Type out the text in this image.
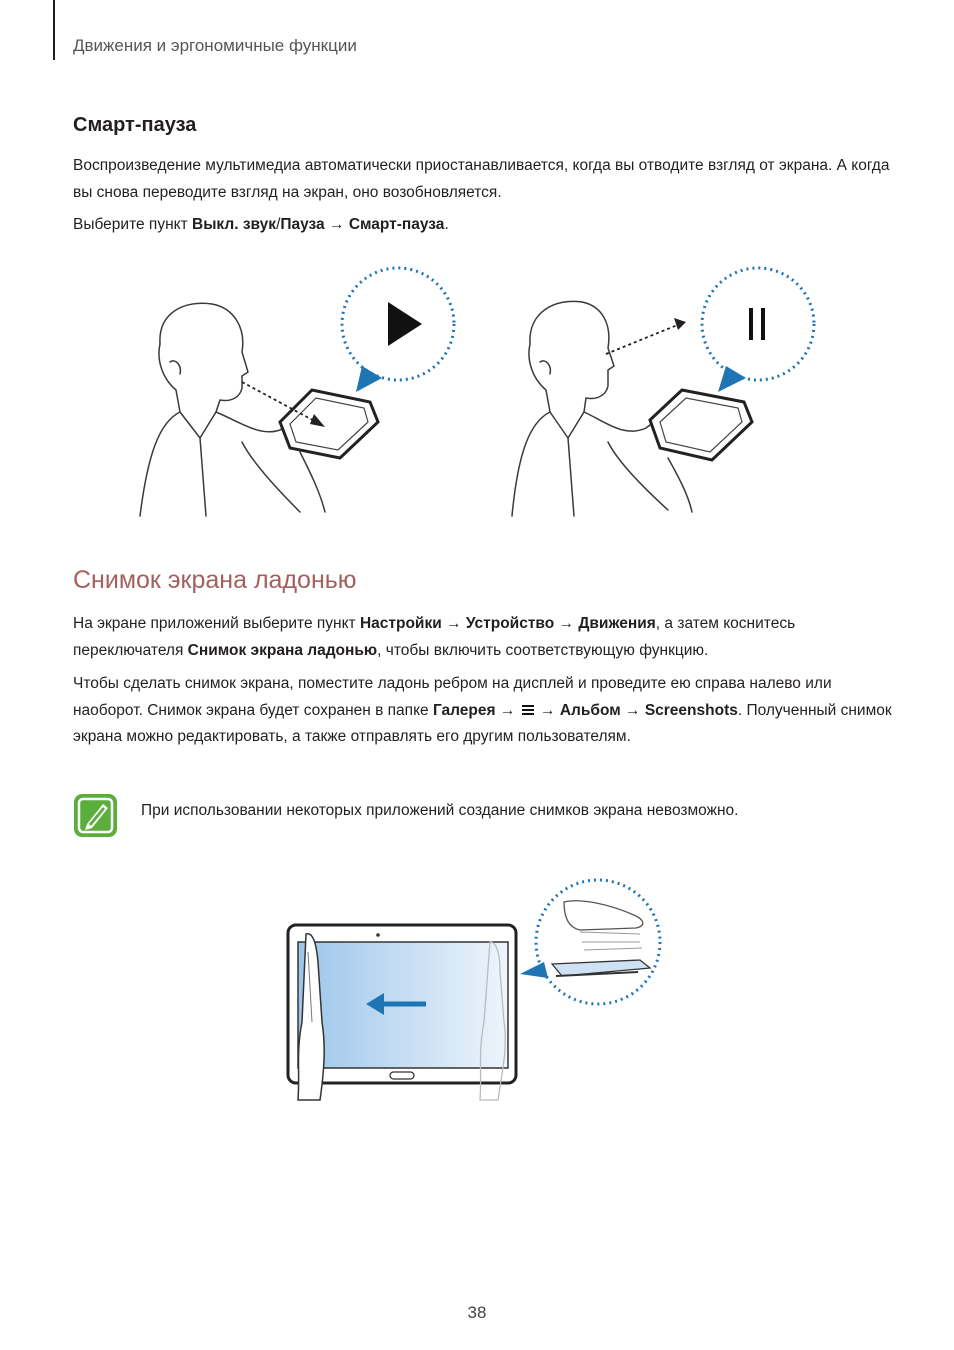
Движения и эргономичные функции
Смарт-пауза

Воспроизведение мультимедиа автоматически приостанавливается, когда вы отводите взгляд от экрана. А когда вы снова переводите взгляд на экран, оно возобновляется.

Выберите пункт Выкл. звук/Пауза → Смарт-пауза.

Снимок экрана ладонью

На экране приложений выберите пункт Настройки → Устройство → Движения, а затем коснитесь переключателя Снимок экрана ладонью, чтобы включить соответствующую функцию.

Чтобы сделать снимок экрана, поместите ладонь ребром на дисплей и проведите ею справа налево или наоборот. Снимок экрана будет сохранен в папке Галерея →  → Альбом → Screenshots. Полученный снимок экрана можно редактировать, а также отправлять его другим пользователям.

При использовании некоторых приложений создание снимков экрана невозможно.

38
